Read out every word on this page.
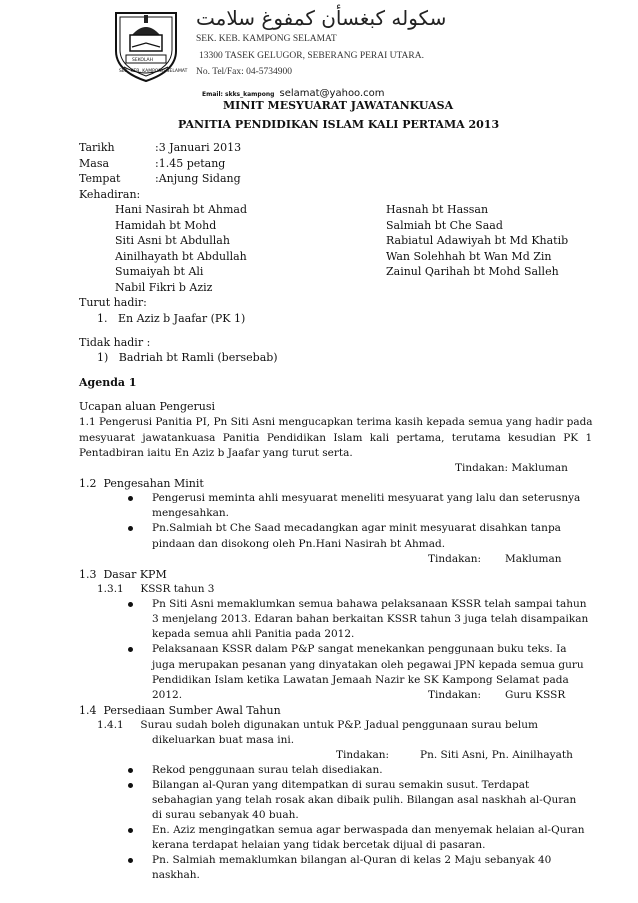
SEKOLAH
SEK. KEB. KAMPONG SELAMAT
سكوله كبغسأن كمفوغ سلامت
SEK. KEB. KAMPONG SELAMAT
13300 TASEK GELUGOR, SEBERANG PERAI UTARA.
No. Tel/Fax: 04-5734900
Email: skks_kampong selamat@yahoo.com
MINIT MESYUARAT JAWATANKUASA
PANITIA PENDIDIKAN ISLAM KALI PERTAMA 2013
Tarikh	:3 Januari 2013
Masa	:1.45 petang
Tempat	:Anjung Sidang
Kehadiran:
Hani Nasirah bt Ahmad
Hamidah bt Mohd
Siti Asni bt Abdullah
Ainilhayath bt Abdullah
Sumaiyah bt Ali
Nabil Fikri b Aziz
Hasnah bt Hassan
Salmiah bt Che Saad
Rabiatul Adawiyah bt Md Khatib
Wan Solehhah bt Wan Md Zin
Zainul Qarihah bt Mohd Salleh
Turut hadir:
1.   En Aziz b Jaafar (PK 1)
Tidak hadir :
1)   Badriah bt Ramli (bersebab)
Agenda 1
Ucapan aluan Pengerusi
1.1 Pengerusi Panitia PI, Pn Siti Asni mengucapkan terima kasih kepada semua yang hadir pada
mesyuarat jawatankuasa Panitia Pendidikan Islam kali pertama, terutama kesudian PK 1
Pentadbiran iaitu En Aziz b Jaafar yang turut serta.
Tindakan: Makluman
1.2  Pengesahan Minit
Pengerusi meminta ahli mesyuarat meneliti mesyuarat yang lalu dan seterusnya
mengesahkan.
Pn.Salmiah bt Che Saad mecadangkan agar minit mesyuarat disahkan tanpa
pindaan dan disokong oleh Pn.Hani Nasirah bt Ahmad.
Tindakan: Makluman
1.3  Dasar KPM
1.3.1     KSSR tahun 3
Pn Siti Asni memaklumkan semua bahawa pelaksanaan KSSR telah sampai tahun
3 menjelang 2013. Edaran bahan berkaitan KSSR tahun 3 juga telah disampaikan
kepada semua ahli Panitia pada 2012.
Pelaksanaan KSSR dalam P&P sangat menekankan penggunaan buku teks. Ia
juga merupakan pesanan yang dinyatakan oleh pegawai JPN kepada semua guru
Pendidikan Islam ketika Lawatan Jemaah Nazir ke SK Kampong Selamat pada
2012.	Tindakan: Guru KSSR
1.4  Persediaan Sumber Awal Tahun
1.4.1     Surau sudah boleh digunakan untuk P&P. Jadual penggunaan surau belum
dikeluarkan buat masa ini.
Tindakan:	Pn. Siti Asni, Pn. Ainilhayath
Rekod penggunaan surau telah disediakan.
Bilangan al-Quran yang ditempatkan di surau semakin susut. Terdapat
sebahagian yang telah rosak akan dibaik pulih. Bilangan asal naskhah al-Quran
di surau sebanyak 40 buah.
En. Aziz mengingatkan semua agar berwaspada dan menyemak helaian al-Quran
kerana terdapat helaian yang tidak bercetak dijual di pasaran.
Pn. Salmiah memaklumkan bilangan al-Quran di kelas 2 Maju sebanyak 40
naskhah.
